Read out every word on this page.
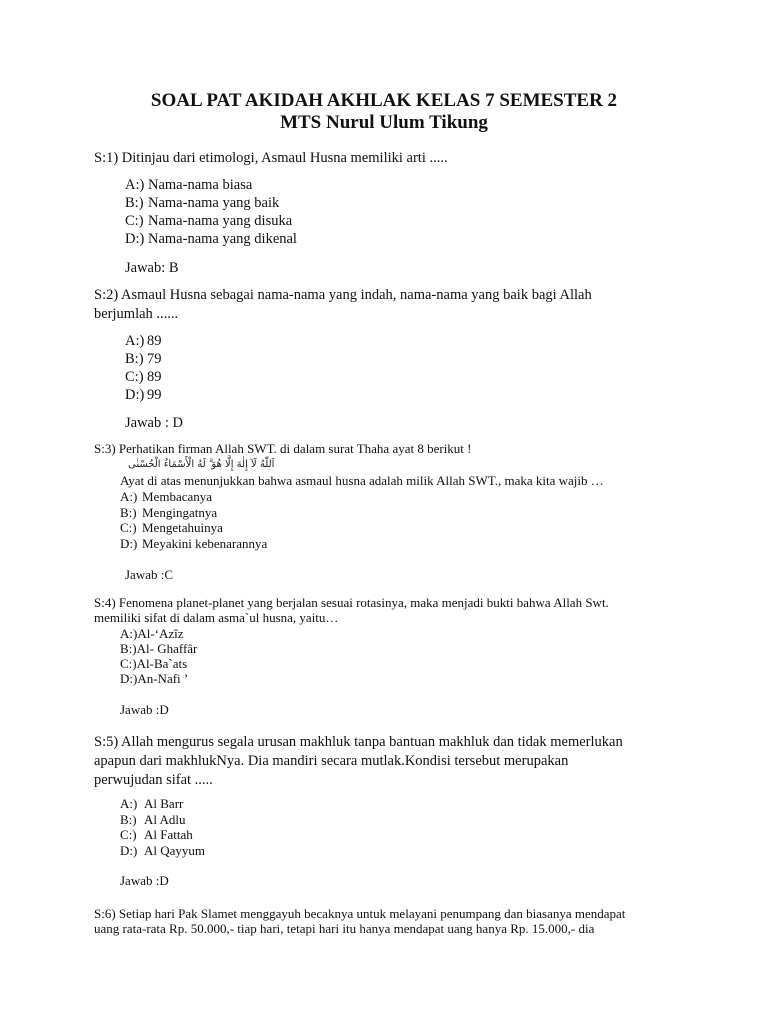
SOAL PAT AKIDAH AKHLAK KELAS 7 SEMESTER 2
MTS Nurul Ulum Tikung

S:1) Ditinjau dari etimologi, Asmaul Husna memiliki arti .....

A:) Nama-nama biasa
B:) Nama-nama yang baik
C:) Nama-nama yang disuka
D:) Nama-nama yang dikenal

Jawab: B

S:2) Asmaul Husna sebagai nama-nama yang indah, nama-nama yang baik bagi Allah

berjumlah ......

A:) 89
B:) 79
C:) 89
D:) 99

Jawab : D

S:3) Perhatikan firman Allah SWT. di dalam surat Thaha ayat 8 berikut !

اَللّٰهُ لَآ إِلٰهَ إِلَّا هُوَ ۗ لَهُ الْأَسْمَاءُ الْحُسْنٰى

Ayat di atas menunjukkan bahwa asmaul husna adalah milik Allah SWT., maka kita wajib …

A:) Membacanya
B:) Mengingatnya
C:) Mengetahuinya
D:) Meyakini kebenarannya

Jawab :C

S:4) Fenomena planet-planet yang berjalan sesuai rotasinya, maka menjadi bukti bahwa Allah Swt.

memiliki sifat di dalam asma`ul husna, yaitu…

A:) Al-‘Azîz
B:) Al- Ghaffâr
C:) Al-Ba`ats
D:) An-Nafi ’

Jawab :D

S:5) Allah mengurus segala urusan makhluk tanpa bantuan makhluk dan tidak memerlukan

apapun dari makhlukNya. Dia mandiri secara mutlak.Kondisi tersebut merupakan

perwujudan sifat .....

A:) Al Barr
B:) Al Adlu
C:) Al Fattah
D:) Al Qayyum

Jawab :D

S:6) Setiap hari Pak Slamet menggayuh becaknya untuk melayani penumpang dan biasanya mendapat

uang rata-rata Rp. 50.000,- tiap hari, tetapi hari itu hanya mendapat uang hanya Rp. 15.000,- dia
